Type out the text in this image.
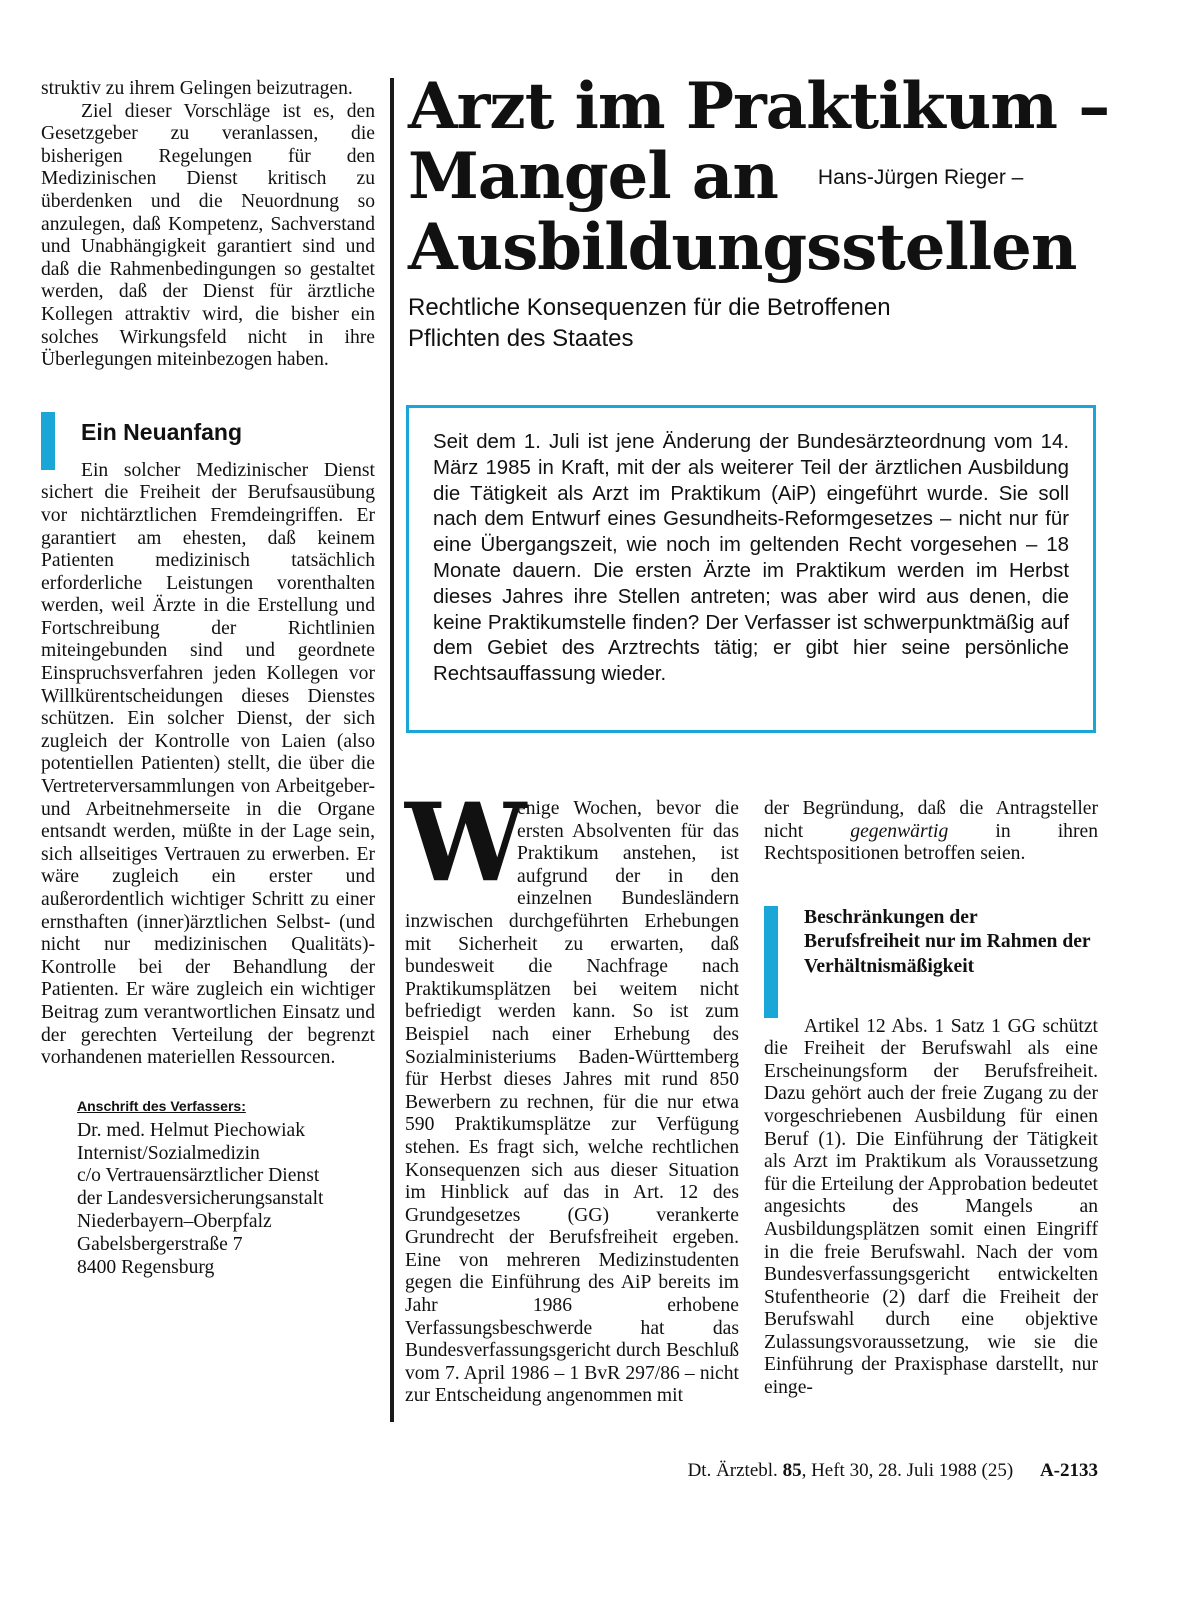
struktiv zu ihrem Gelingen beizutragen.

Ziel dieser Vorschläge ist es, den Gesetzgeber zu veranlassen, die bisherigen Regelungen für den Medizinischen Dienst kritisch zu überdenken und die Neuordnung so anzulegen, daß Kompetenz, Sachverstand und Unabhängigkeit garantiert sind und daß die Rahmenbedingungen so gestaltet werden, daß der Dienst für ärztliche Kollegen attraktiv wird, die bisher ein solches Wirkungsfeld nicht in ihre Überlegungen miteinbezogen haben.

Ein Neuanfang

Ein solcher Medizinischer Dienst sichert die Freiheit der Berufsausübung vor nichtärztlichen Fremdeingriffen. Er garantiert am ehesten, daß keinem Patienten medizinisch tatsächlich erforderliche Leistungen vorenthalten werden, weil Ärzte in die Erstellung und Fortschreibung der Richtlinien miteingebunden sind und geordnete Einspruchsverfahren jeden Kollegen vor Willkürentscheidungen dieses Dienstes schützen. Ein solcher Dienst, der sich zugleich der Kontrolle von Laien (also potentiellen Patienten) stellt, die über die Vertreterversammlungen von Arbeitgeber- und Arbeitnehmerseite in die Organe entsandt werden, müßte in der Lage sein, sich allseitiges Vertrauen zu erwerben. Er wäre zugleich ein erster und außerordentlich wichtiger Schritt zu einer ernsthaften (inner)ärztlichen Selbst- (und nicht nur medizinischen Qualitäts)-Kontrolle bei der Behandlung der Patienten. Er wäre zugleich ein wichtiger Beitrag zum verantwortlichen Einsatz und der gerechten Verteilung der begrenzt vorhandenen materiellen Ressourcen.

Anschrift des Verfassers:
Dr. med. Helmut Piechowiak
Internist/Sozialmedizin
c/o Vertrauensärztlicher Dienst
der Landesversicherungsanstalt
Niederbayern–Oberpfalz
Gabelsbergerstraße 7
8400 Regensburg
Arzt im Praktikum –
Mangel an $^{Hans-Jürgen Rieger -}$
Ausbildungsstellen
Rechtliche Konsequenzen für die Betroffenen
Pflichten des Staates

Seit dem 1. Juli ist jene Änderung der Bundesärzteordnung vom 14. März 1985 in Kraft, mit der als weiterer Teil der ärztlichen Ausbildung die Tätigkeit als Arzt im Praktikum (AiP) eingeführt wurde. Sie soll nach dem Entwurf eines Gesundheits-Reformgesetzes – nicht nur für eine Übergangszeit, wie noch im geltenden Recht vorgesehen – 18 Monate dauern. Die ersten Ärzte im Praktikum werden im Herbst dieses Jahres ihre Stellen antreten; was aber wird aus denen, die keine Praktikumstelle finden? Der Verfasser ist schwerpunktmäßig auf dem Gebiet des Arztrechts tätig; er gibt hier seine persönliche Rechtsauffassung wieder.

W

enige Wochen, bevor die ersten Absolventen für das Praktikum anstehen, ist aufgrund der in den einzelnen Bundesländern inzwischen durchgeführten Erhebungen mit Sicherheit zu erwarten, daß bundesweit die Nachfrage nach Praktikumsplätzen bei weitem nicht befriedigt werden kann. So ist zum Beispiel nach einer Erhebung des Sozialministeriums Baden-Württemberg für Herbst dieses Jahres mit rund 850 Bewerbern zu rechnen, für die nur etwa 590 Praktikumsplätze zur Verfügung stehen. Es fragt sich, welche rechtlichen Konsequenzen sich aus dieser Situation im Hinblick auf das in Art. 12 des Grundgesetzes (GG) verankerte Grundrecht der Berufsfreiheit ergeben. Eine von mehreren Medizinstudenten gegen die Einführung des AiP bereits im Jahr 1986 erhobene Verfassungsbeschwerde hat das Bundesverfassungsgericht durch Beschluß vom 7. April 1986 – 1 BvR 297/86 – nicht zur Entscheidung angenommen mit

der Begründung, daß die Antragsteller nicht gegenwärtig in ihren Rechtspositionen betroffen seien.

Beschränkungen der Berufsfreiheit nur im Rahmen der Verhältnismäßigkeit

Artikel 12 Abs. 1 Satz 1 GG schützt die Freiheit der Berufswahl als eine Erscheinungsform der Berufsfreiheit. Dazu gehört auch der freie Zugang zu der vorgeschriebenen Ausbildung für einen Beruf (1). Die Einführung der Tätigkeit als Arzt im Praktikum als Voraussetzung für die Erteilung der Approbation bedeutet angesichts des Mangels an Ausbildungsplätzen somit einen Eingriff in die freie Berufswahl. Nach der vom Bundesverfassungsgericht entwickelten Stufentheorie (2) darf die Freiheit der Berufswahl durch eine objektive Zulassungsvoraussetzung, wie sie die Einführung der Praxisphase darstellt, nur einge-

Dt. Ärztebl. 85, Heft 30, 28. Juli 1988 (25) A-2133
